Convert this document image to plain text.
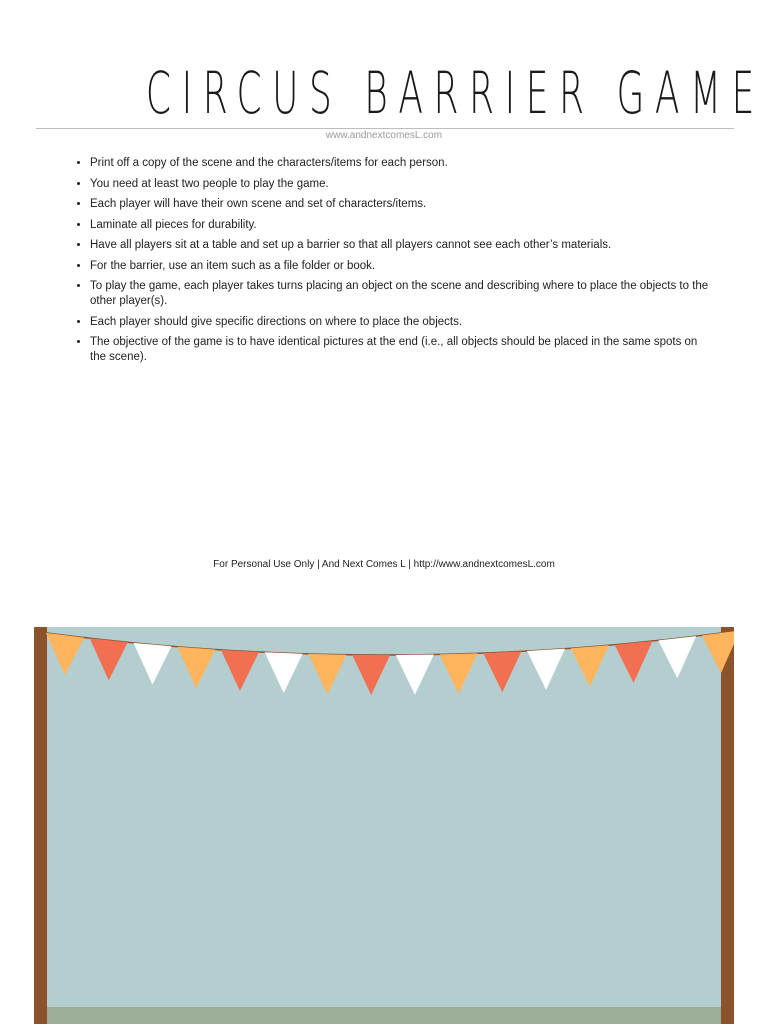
CIRCUS BARRIER GAME
www.andnextcomesL.com
• Print off a copy of the scene and the characters/items for each person.
• You need at least two people to play the game.
• Each player will have their own scene and set of characters/items.
• Laminate all pieces for durability.
• Have all players sit at a table and set up a barrier so that all players cannot see each other’s materials.
• For the barrier, use an item such as a file folder or book.
• To play the game, each player takes turns placing an object on the scene and describing where to place the objects to the other player(s).
• Each player should give specific directions on where to place the objects.
• The objective of the game is to have identical pictures at the end (i.e., all objects should be placed in the same spots on the scene).
For Personal Use Only | And Next Comes L | http://www.andnextcomesL.com
